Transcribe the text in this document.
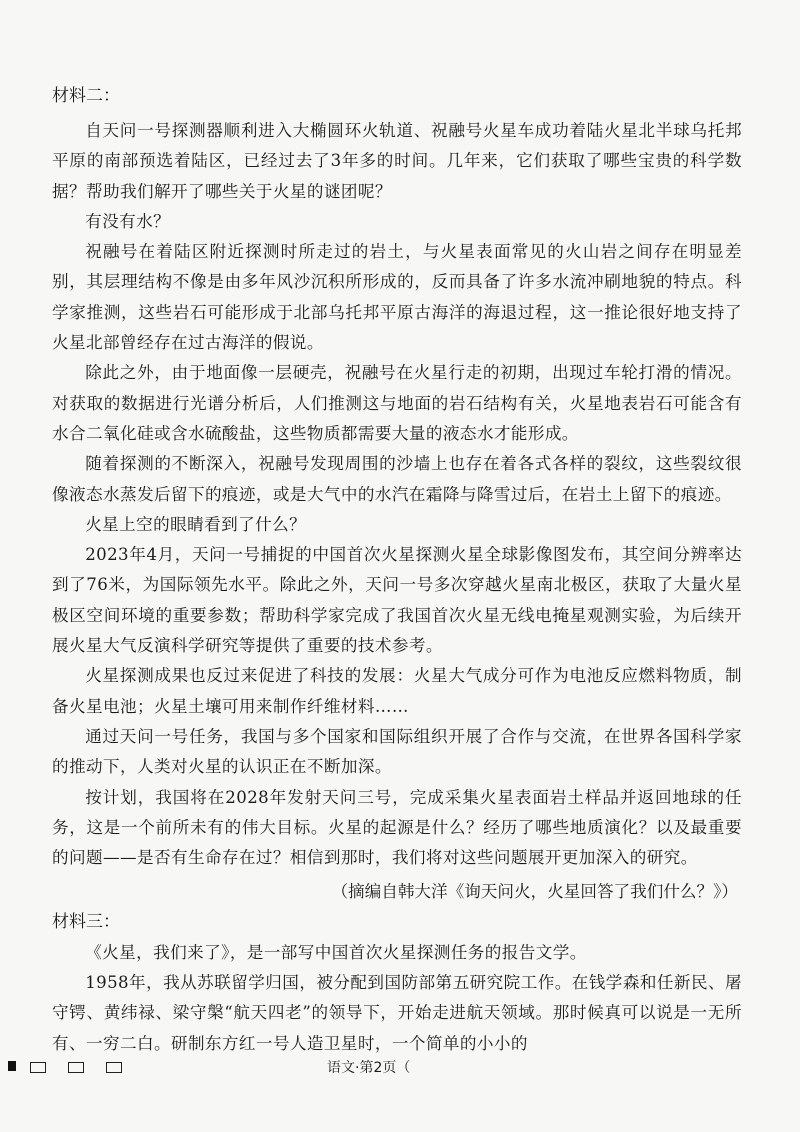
材料二：

自天问一号探测器顺利进入大椭圆环火轨道、祝融号火星车成功着陆火星北半球乌托邦平原的南部预选着陆区，已经过去了3年多的时间。几年来，它们获取了哪些宝贵的科学数据？帮助我们解开了哪些关于火星的谜团呢？

有没有水？

祝融号在着陆区附近探测时所走过的岩土，与火星表面常见的火山岩之间存在明显差别，其层理结构不像是由多年风沙沉积所形成的，反而具备了许多水流冲刷地貌的特点。科学家推测，这些岩石可能形成于北部乌托邦平原古海洋的海退过程，这一推论很好地支持了火星北部曾经存在过古海洋的假说。

除此之外，由于地面像一层硬壳，祝融号在火星行走的初期，出现过车轮打滑的情况。对获取的数据进行光谱分析后，人们推测这与地面的岩石结构有关，火星地表岩石可能含有水合二氧化硅或含水硫酸盐，这些物质都需要大量的液态水才能形成。

随着探测的不断深入，祝融号发现周围的沙墙上也存在着各式各样的裂纹，这些裂纹很像液态水蒸发后留下的痕迹，或是大气中的水汽在霜降与降雪过后，在岩土上留下的痕迹。

火星上空的眼睛看到了什么？

2023年4月，天问一号捕捉的中国首次火星探测火星全球影像图发布，其空间分辨率达到了76米，为国际领先水平。除此之外，天问一号多次穿越火星南北极区，获取了大量火星极区空间环境的重要参数；帮助科学家完成了我国首次火星无线电掩星观测实验，为后续开展火星大气反演科学研究等提供了重要的技术参考。

火星探测成果也反过来促进了科技的发展：火星大气成分可作为电池反应燃料物质，制备火星电池；火星土壤可用来制作纤维材料……

通过天问一号任务，我国与多个国家和国际组织开展了合作与交流，在世界各国科学家的推动下，人类对火星的认识正在不断加深。

按计划，我国将在2028年发射天问三号，完成采集火星表面岩土样品并返回地球的任务，这是一个前所未有的伟大目标。火星的起源是什么？经历了哪些地质演化？以及最重要的问题——是否有生命存在过？相信到那时，我们将对这些问题展开更加深入的研究。

（摘编自韩大洋《询天问火，火星回答了我们什么？》）

材料三：

《火星，我们来了》，是一部写中国首次火星探测任务的报告文学。

1958年，我从苏联留学归国，被分配到国防部第五研究院工作。在钱学森和任新民、屠守锷、黄纬禄、梁守槃“航天四老”的领导下，开始走进航天领域。那时候真可以说是一无所有、一穷二白。研制东方红一号人造卫星时，一个简单的小小的

语文·第2页（
